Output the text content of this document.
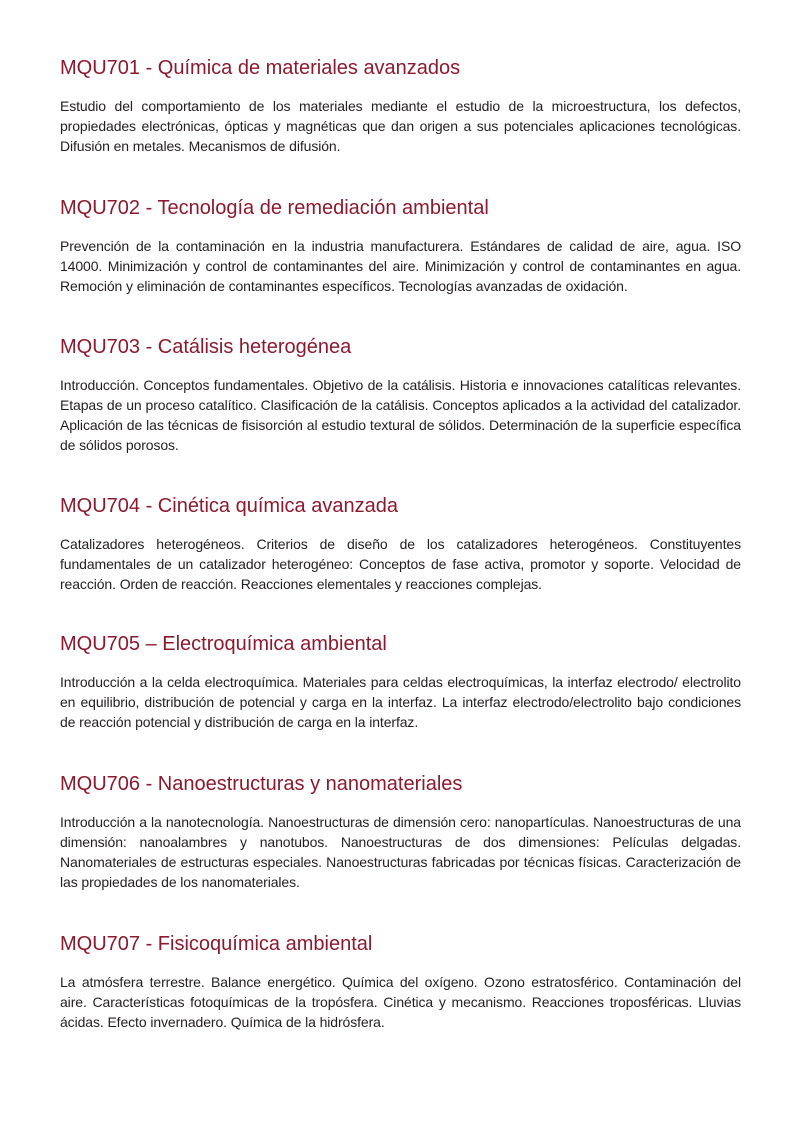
MQU701 - Química de materiales avanzados

Estudio del comportamiento de los materiales mediante el estudio de la microestructura, los defectos, propiedades electrónicas, ópticas y magnéticas que dan origen a sus potenciales aplicaciones tecnológicas. Difusión en metales. Mecanismos de difusión.

MQU702 - Tecnología de remediación ambiental

Prevención de la contaminación en la industria manufacturera. Estándares de calidad de aire, agua. ISO 14000. Minimización y control de contaminantes del aire. Minimización y control de contaminantes en agua. Remoción y eliminación de contaminantes específicos. Tecnologías avanzadas de oxidación.

MQU703 - Catálisis heterogénea

Introducción. Conceptos fundamentales. Objetivo de la catálisis. Historia e innovaciones catalíticas relevantes. Etapas de un proceso catalítico. Clasificación de la catálisis. Conceptos aplicados a la actividad del catalizador. Aplicación de las técnicas de fisisorción al estudio textural de sólidos. Determinación de la superficie específica de sólidos porosos.

MQU704 - Cinética química avanzada

Catalizadores heterogéneos. Criterios de diseño de los catalizadores heterogéneos. Constituyentes fundamentales de un catalizador heterogéneo: Conceptos de fase activa, promotor y soporte. Velocidad de reacción. Orden de reacción. Reacciones elementales y reacciones complejas.

MQU705 – Electroquímica ambiental

Introducción a la celda electroquímica. Materiales para celdas electroquímicas, la interfaz electrodo/ electrolito en equilibrio, distribución de potencial y carga en la interfaz. La interfaz electrodo/electrolito bajo condiciones de reacción potencial y distribución de carga en la interfaz.

MQU706 - Nanoestructuras y nanomateriales

Introducción a la nanotecnología. Nanoestructuras de dimensión cero: nanopartículas. Nanoestructuras de una dimensión: nanoalambres y nanotubos. Nanoestructuras de dos dimensiones: Películas delgadas. Nanomateriales de estructuras especiales. Nanoestructuras fabricadas por técnicas físicas. Caracterización de las propiedades de los nanomateriales.

MQU707 - Fisicoquímica ambiental

La atmósfera terrestre. Balance energético. Química del oxígeno. Ozono estratosférico. Contaminación del aire. Características fotoquímicas de la tropósfera. Cinética y mecanismo. Reacciones troposféricas. Lluvias ácidas. Efecto invernadero. Química de la hidrósfera.
